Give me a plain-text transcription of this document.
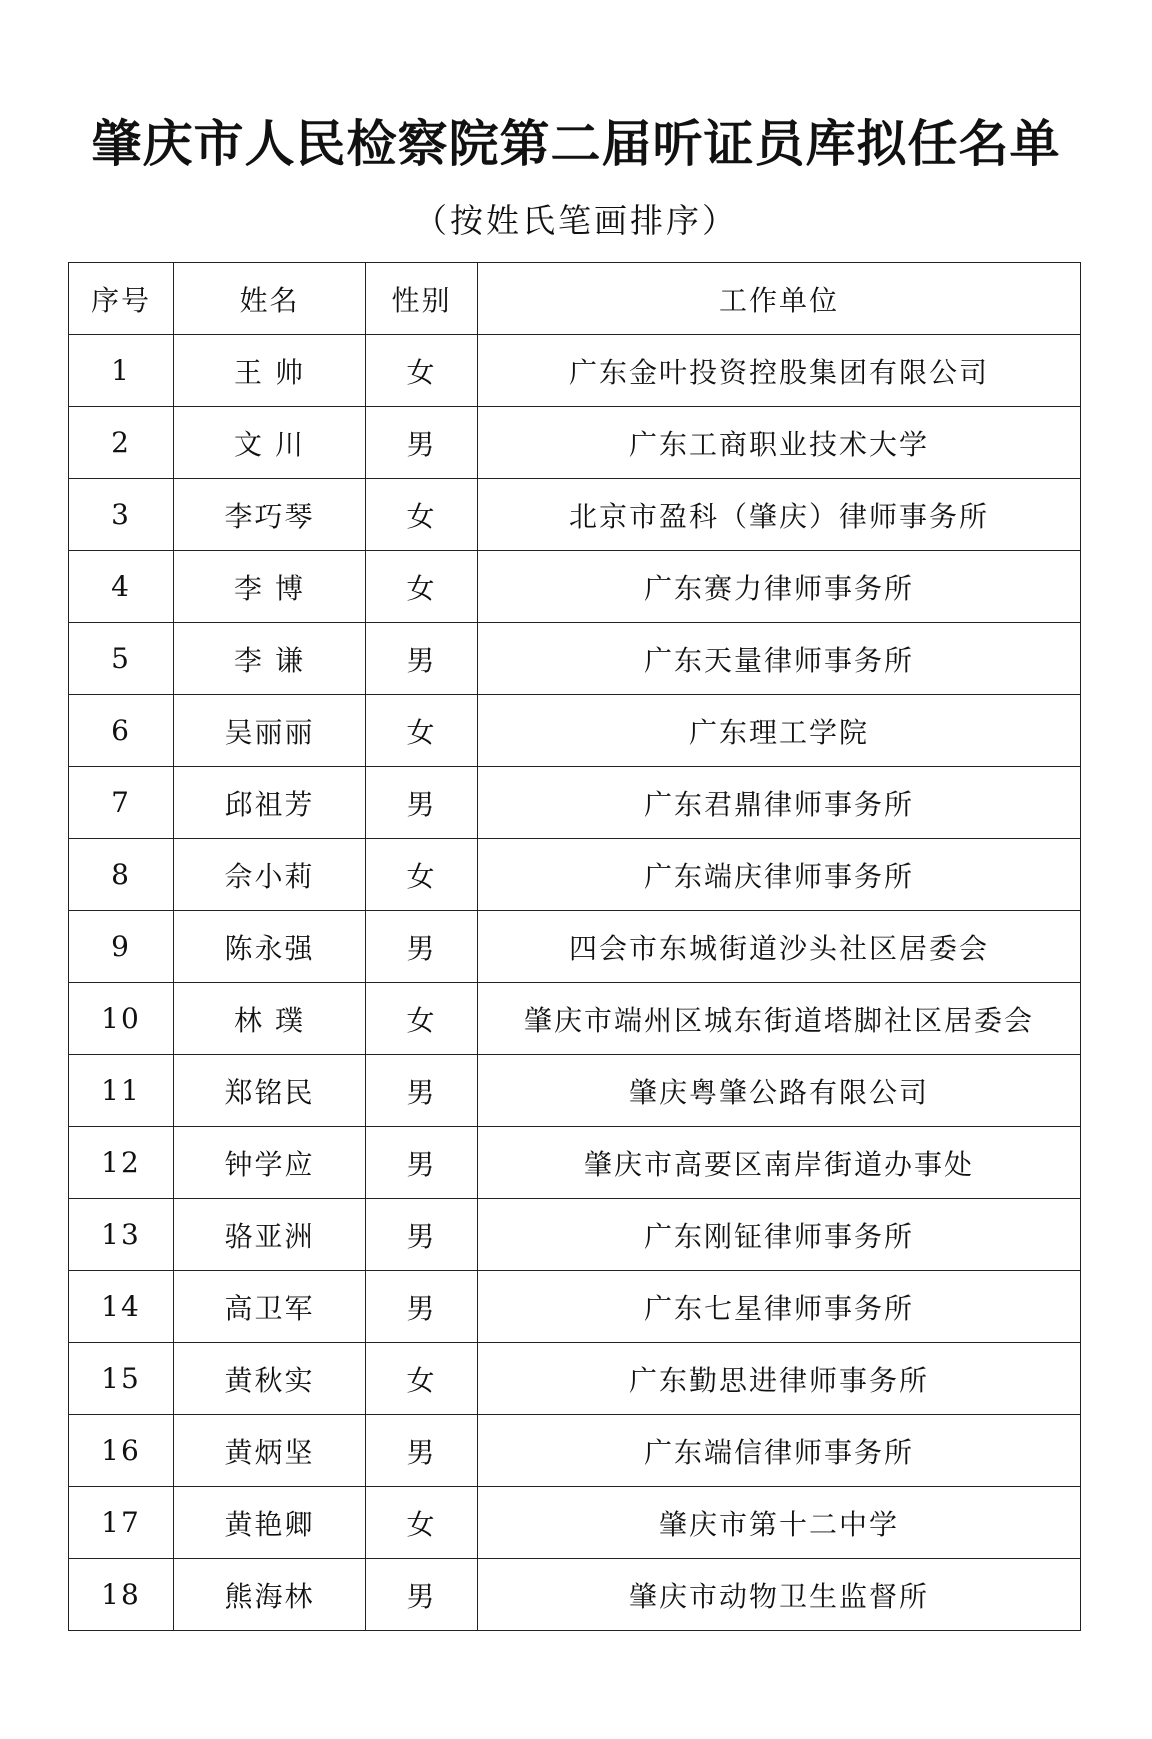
肇庆市人民检察院第二届听证员库拟任名单
（按姓氏笔画排序）
序号	姓名	性别	工作单位
1	王 帅	女	广东金叶投资控股集团有限公司
2	文 川	男	广东工商职业技术大学
3	李巧琴	女	北京市盈科（肇庆）律师事务所
4	李 博	女	广东赛力律师事务所
5	李 谦	男	广东天量律师事务所
6	吴丽丽	女	广东理工学院
7	邱祖芳	男	广东君鼎律师事务所
8	佘小莉	女	广东端庆律师事务所
9	陈永强	男	四会市东城街道沙头社区居委会
10	林 璞	女	肇庆市端州区城东街道塔脚社区居委会
11	郑铭民	男	肇庆粤肇公路有限公司
12	钟学应	男	肇庆市高要区南岸街道办事处
13	骆亚洲	男	广东刚钲律师事务所
14	高卫军	男	广东七星律师事务所
15	黄秋实	女	广东勤思进律师事务所
16	黄炳坚	男	广东端信律师事务所
17	黄艳卿	女	肇庆市第十二中学
18	熊海林	男	肇庆市动物卫生监督所
